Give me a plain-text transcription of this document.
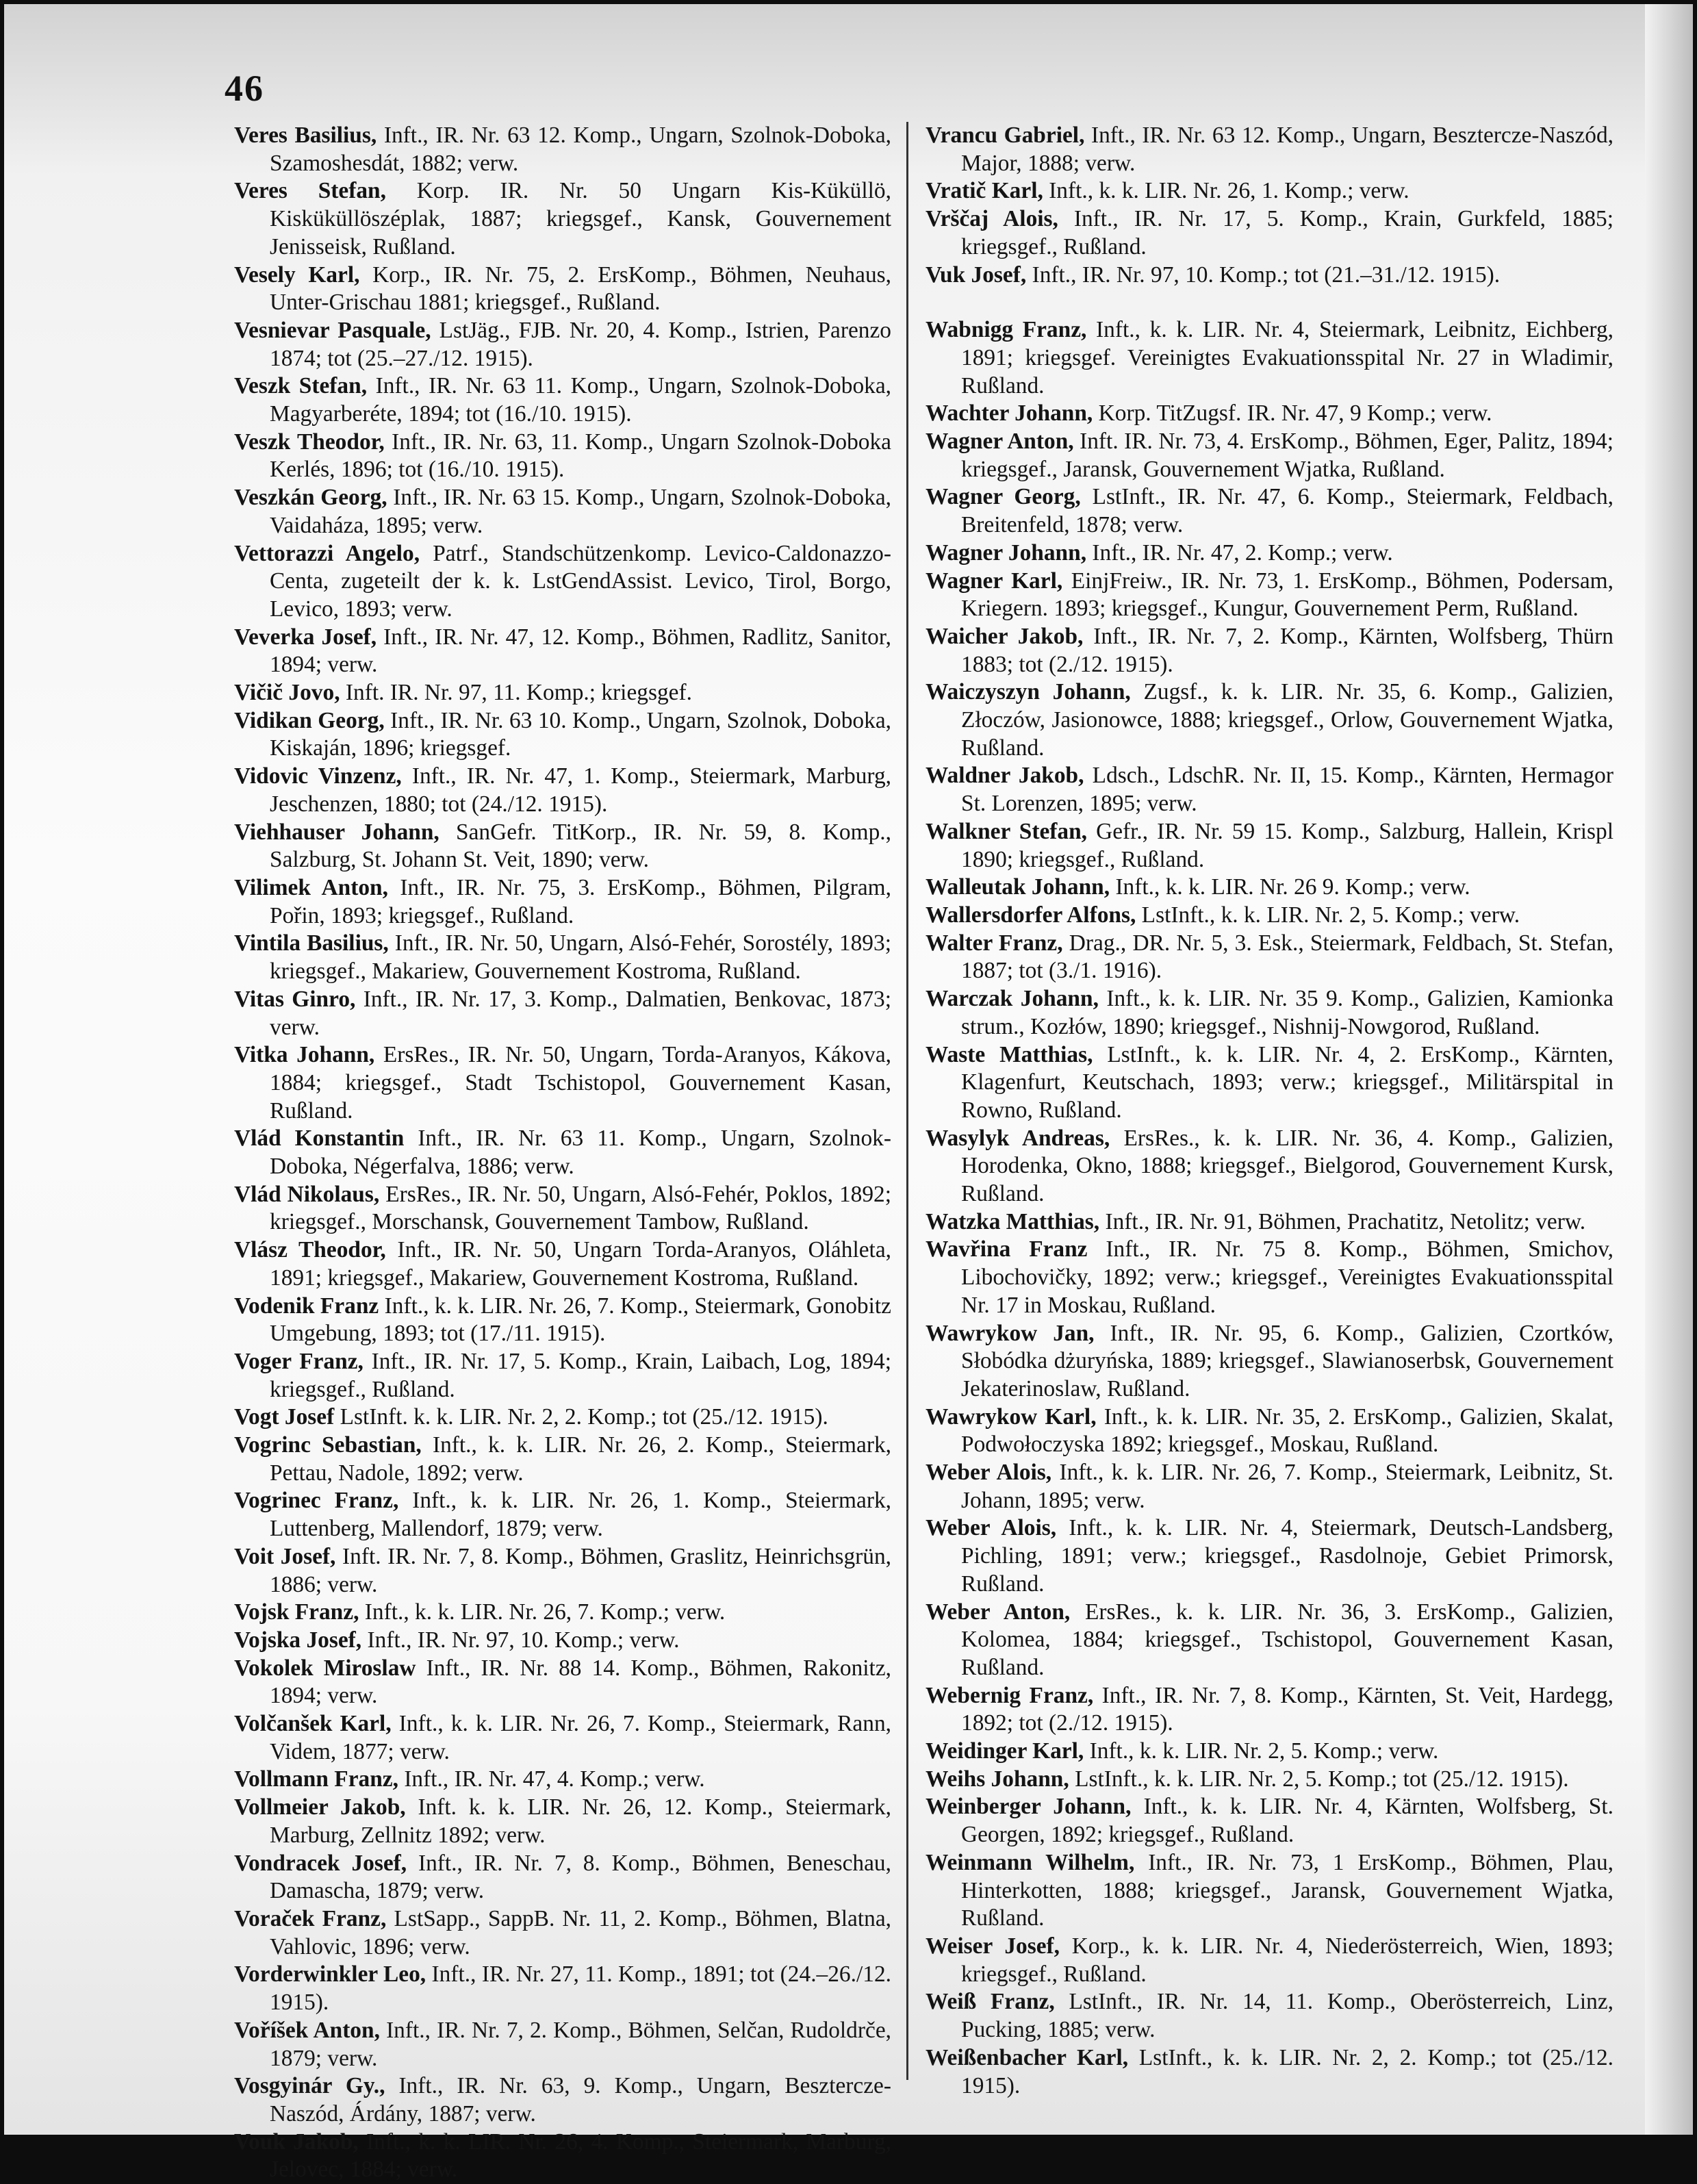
46

Veres Basilius, Inft., IR. Nr. 63 12. Komp., Ungarn, Szolnok-Doboka, Szamoshesdát, 1882; verw.

Veres Stefan, Korp. IR. Nr. 50 Ungarn Kis-Küküllö, Kisküküllöszéplak, 1887; kriegsgef., Kansk, Gouvernement Jenisseisk, Rußland.

Vesely Karl, Korp., IR. Nr. 75, 2. ErsKomp., Böhmen, Neuhaus, Unter-Grischau 1881; kriegsgef., Rußland.

Vesnievar Pasquale, LstJäg., FJB. Nr. 20, 4. Komp., Istrien, Parenzo 1874; tot (25.–27./12. 1915).

Veszk Stefan, Inft., IR. Nr. 63 11. Komp., Ungarn, Szolnok-Doboka, Magyarberéte, 1894; tot (16./10. 1915).

Veszk Theodor, Inft., IR. Nr. 63, 11. Komp., Ungarn Szolnok-Doboka Kerlés, 1896; tot (16./10. 1915).

Veszkán Georg, Inft., IR. Nr. 63 15. Komp., Ungarn, Szolnok-Doboka, Vaidaháza, 1895; verw.

Vettorazzi Angelo, Patrf., Standschützenkomp. Levico-Caldonazzo-Centa, zugeteilt der k. k. LstGendAssist. Levico, Tirol, Borgo, Levico, 1893; verw.

Veverka Josef, Inft., IR. Nr. 47, 12. Komp., Böhmen, Radlitz, Sanitor, 1894; verw.

Vičič Jovo, Inft. IR. Nr. 97, 11. Komp.; kriegsgef.

Vidikan Georg, Inft., IR. Nr. 63 10. Komp., Ungarn, Szolnok, Doboka, Kiskaján, 1896; kriegsgef.

Vidovic Vinzenz, Inft., IR. Nr. 47, 1. Komp., Steiermark, Marburg, Jeschenzen, 1880; tot (24./12. 1915).

Viehhauser Johann, SanGefr. TitKorp., IR. Nr. 59, 8. Komp., Salzburg, St. Johann St. Veit, 1890; verw.

Vilimek Anton, Inft., IR. Nr. 75, 3. ErsKomp., Böhmen, Pilgram, Pořin, 1893; kriegsgef., Rußland.

Vintila Basilius, Inft., IR. Nr. 50, Ungarn, Alsó-Fehér, Sorostély, 1893; kriegsgef., Makariew, Gouvernement Kostroma, Rußland.

Vitas Ginro, Inft., IR. Nr. 17, 3. Komp., Dalmatien, Benkovac, 1873; verw.

Vitka Johann, ErsRes., IR. Nr. 50, Ungarn, Torda-Aranyos, Kákova, 1884; kriegsgef., Stadt Tschistopol, Gouvernement Kasan, Rußland.

Vlád Konstantin Inft., IR. Nr. 63 11. Komp., Ungarn, Szolnok-Doboka, Négerfalva, 1886; verw.

Vlád Nikolaus, ErsRes., IR. Nr. 50, Ungarn, Alsó-Fehér, Poklos, 1892; kriegsgef., Morschansk, Gouvernement Tambow, Rußland.

Vlász Theodor, Inft., IR. Nr. 50, Ungarn Torda-Aranyos, Oláhleta, 1891; kriegsgef., Makariew, Gouvernement Kostroma, Rußland.

Vodenik Franz Inft., k. k. LIR. Nr. 26, 7. Komp., Steiermark, Gonobitz Umgebung, 1893; tot (17./11. 1915).

Voger Franz, Inft., IR. Nr. 17, 5. Komp., Krain, Laibach, Log, 1894; kriegsgef., Rußland.

Vogt Josef LstInft. k. k. LIR. Nr. 2, 2. Komp.; tot (25./12. 1915).

Vogrinc Sebastian, Inft., k. k. LIR. Nr. 26, 2. Komp., Steiermark, Pettau, Nadole, 1892; verw.

Vogrinec Franz, Inft., k. k. LIR. Nr. 26, 1. Komp., Steiermark, Luttenberg, Mallendorf, 1879; verw.

Voit Josef, Inft. IR. Nr. 7, 8. Komp., Böhmen, Graslitz, Heinrichsgrün, 1886; verw.

Vojsk Franz, Inft., k. k. LIR. Nr. 26, 7. Komp.; verw.

Vojska Josef, Inft., IR. Nr. 97, 10. Komp.; verw.

Vokolek Miroslaw Inft., IR. Nr. 88 14. Komp., Böhmen, Rakonitz, 1894; verw.

Volčanšek Karl, Inft., k. k. LIR. Nr. 26, 7. Komp., Steiermark, Rann, Videm, 1877; verw.

Vollmann Franz, Inft., IR. Nr. 47, 4. Komp.; verw.

Vollmeier Jakob, Inft. k. k. LIR. Nr. 26, 12. Komp., Steiermark, Marburg, Zellnitz 1892; verw.

Vondracek Josef, Inft., IR. Nr. 7, 8. Komp., Böhmen, Beneschau, Damascha, 1879; verw.

Voraček Franz, LstSapp., SappB. Nr. 11, 2. Komp., Böhmen, Blatna, Vahlovic, 1896; verw.

Vorderwinkler Leo, Inft., IR. Nr. 27, 11. Komp., 1891; tot (24.–26./12. 1915).

Voříšek Anton, Inft., IR. Nr. 7, 2. Komp., Böhmen, Selčan, Rudoldrče, 1879; verw.

Vosgyinár Gy., Inft., IR. Nr. 63, 9. Komp., Ungarn, Besztercze-Naszód, Árdány, 1887; verw.

Vouk Jakob, Inft., k. k. LIR. Nr. 26, 4. Komp., Steiermark, Marburg, Jelovec, 1884; verw.

Vrancu Gabriel, Inft., IR. Nr. 63 12. Komp., Ungarn, Besztercze-Naszód, Major, 1888; verw.

Vratič Karl, Inft., k. k. LIR. Nr. 26, 1. Komp.; verw.

Vrščaj Alois, Inft., IR. Nr. 17, 5. Komp., Krain, Gurkfeld, 1885; kriegsgef., Rußland.

Vuk Josef, Inft., IR. Nr. 97, 10. Komp.; tot (21.–31./12. 1915).

Wabnigg Franz, Inft., k. k. LIR. Nr. 4, Steiermark, Leibnitz, Eichberg, 1891; kriegsgef. Vereinigtes Evakuationsspital Nr. 27 in Wladimir, Rußland.

Wachter Johann, Korp. TitZugsf. IR. Nr. 47, 9 Komp.; verw.

Wagner Anton, Inft. IR. Nr. 73, 4. ErsKomp., Böhmen, Eger, Palitz, 1894; kriegsgef., Jaransk, Gouvernement Wjatka, Rußland.

Wagner Georg, LstInft., IR. Nr. 47, 6. Komp., Steiermark, Feldbach, Breitenfeld, 1878; verw.

Wagner Johann, Inft., IR. Nr. 47, 2. Komp.; verw.

Wagner Karl, EinjFreiw., IR. Nr. 73, 1. ErsKomp., Böhmen, Podersam, Kriegern. 1893; kriegsgef., Kungur, Gouvernement Perm, Rußland.

Waicher Jakob, Inft., IR. Nr. 7, 2. Komp., Kärnten, Wolfsberg, Thürn 1883; tot (2./12. 1915).

Waiczyszyn Johann, Zugsf., k. k. LIR. Nr. 35, 6. Komp., Galizien, Złoczów, Jasionowce, 1888; kriegsgef., Orlow, Gouvernement Wjatka, Rußland.

Waldner Jakob, Ldsch., LdschR. Nr. II, 15. Komp., Kärnten, Hermagor St. Lorenzen, 1895; verw.

Walkner Stefan, Gefr., IR. Nr. 59 15. Komp., Salzburg, Hallein, Krispl 1890; kriegsgef., Rußland.

Walleutak Johann, Inft., k. k. LIR. Nr. 26 9. Komp.; verw.

Wallersdorfer Alfons, LstInft., k. k. LIR. Nr. 2, 5. Komp.; verw.

Walter Franz, Drag., DR. Nr. 5, 3. Esk., Steiermark, Feldbach, St. Stefan, 1887; tot (3./1. 1916).

Warczak Johann, Inft., k. k. LIR. Nr. 35 9. Komp., Galizien, Kamionka strum., Kozłów, 1890; kriegsgef., Nishnij-Nowgorod, Rußland.

Waste Matthias, LstInft., k. k. LIR. Nr. 4, 2. ErsKomp., Kärnten, Klagenfurt, Keutschach, 1893; verw.; kriegsgef., Militärspital in Rowno, Rußland.

Wasylyk Andreas, ErsRes., k. k. LIR. Nr. 36, 4. Komp., Galizien, Horodenka, Okno, 1888; kriegsgef., Bielgorod, Gouvernement Kursk, Rußland.

Watzka Matthias, Inft., IR. Nr. 91, Böhmen, Prachatitz, Netolitz; verw.

Wavřina Franz Inft., IR. Nr. 75 8. Komp., Böhmen, Smichov, Libochovičky, 1892; verw.; kriegsgef., Vereinigtes Evakuationsspital Nr. 17 in Moskau, Rußland.

Wawrykow Jan, Inft., IR. Nr. 95, 6. Komp., Galizien, Czortków, Słobódka dżuryńska, 1889; kriegsgef., Slawianoserbsk, Gouvernement Jekaterinoslaw, Rußland.

Wawrykow Karl, Inft., k. k. LIR. Nr. 35, 2. ErsKomp., Galizien, Skalat, Podwołoczyska 1892; kriegsgef., Moskau, Rußland.

Weber Alois, Inft., k. k. LIR. Nr. 26, 7. Komp., Steiermark, Leibnitz, St. Johann, 1895; verw.

Weber Alois, Inft., k. k. LIR. Nr. 4, Steiermark, Deutsch-Landsberg, Pichling, 1891; verw.; kriegsgef., Rasdolnoje, Gebiet Primorsk, Rußland.

Weber Anton, ErsRes., k. k. LIR. Nr. 36, 3. ErsKomp., Galizien, Kolomea, 1884; kriegsgef., Tschistopol, Gouvernement Kasan, Rußland.

Webernig Franz, Inft., IR. Nr. 7, 8. Komp., Kärnten, St. Veit, Hardegg, 1892; tot (2./12. 1915).

Weidinger Karl, Inft., k. k. LIR. Nr. 2, 5. Komp.; verw.

Weihs Johann, LstInft., k. k. LIR. Nr. 2, 5. Komp.; tot (25./12. 1915).

Weinberger Johann, Inft., k. k. LIR. Nr. 4, Kärnten, Wolfsberg, St. Georgen, 1892; kriegsgef., Rußland.

Weinmann Wilhelm, Inft., IR. Nr. 73, 1 ErsKomp., Böhmen, Plau, Hinterkotten, 1888; kriegsgef., Jaransk, Gouvernement Wjatka, Rußland.

Weiser Josef, Korp., k. k. LIR. Nr. 4, Niederösterreich, Wien, 1893; kriegsgef., Rußland.

Weiß Franz, LstInft., IR. Nr. 14, 11. Komp., Oberösterreich, Linz, Pucking, 1885; verw.

Weißenbacher Karl, LstInft., k. k. LIR. Nr. 2, 2. Komp.; tot (25./12. 1915).
